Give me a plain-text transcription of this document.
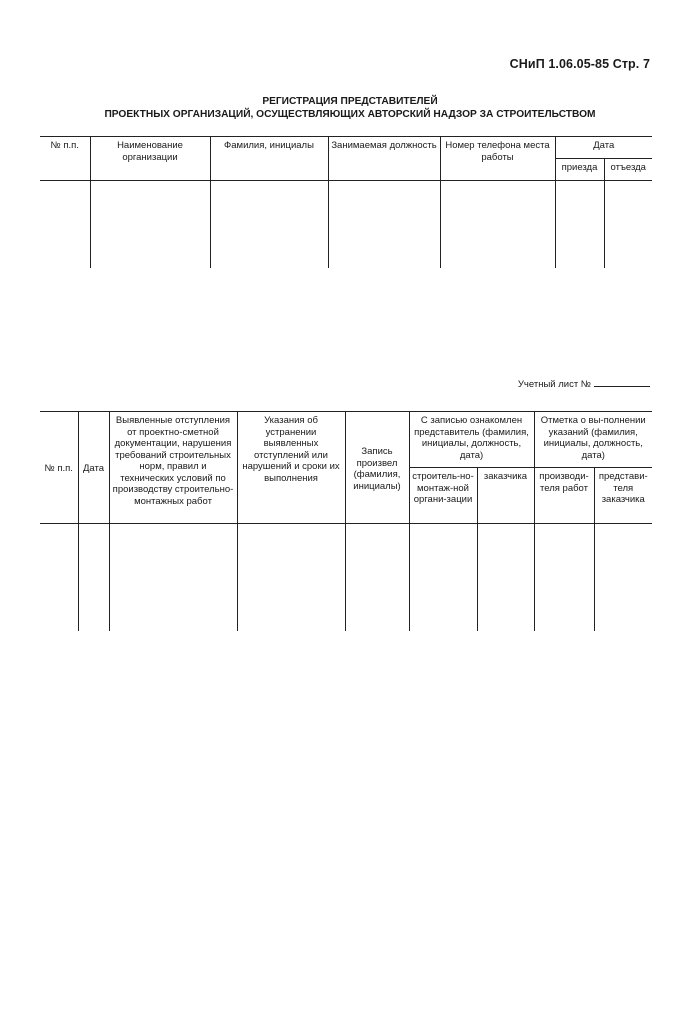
СНиП 1.06.05-85 Стр. 7
РЕГИСТРАЦИЯ ПРЕДСТАВИТЕЛЕЙ
ПРОЕКТНЫХ ОРГАНИЗАЦИЙ, ОСУЩЕСТВЛЯЮЩИХ АВТОРСКИЙ НАДЗОР ЗА СТРОИТЕЛЬСТВОМ
№ п.п.	Наименование организации	Фамилия, инициалы	Занимаемая должность	Номер телефона места работы	Дата	
					приезда	отъезда

Учетный лист №
№ п.п.	Дата	Выявленные отступления от проектно-сметной документации, нарушения требований строительных норм, правил и технических условий по производству строительно-монтажных работ	Указания об устранении выявленных отступлений или нарушений и сроки их выполнения	Запись произвел (фамилия, инициалы)	С записью ознакомлен представитель (фамилия, инициалы, должность, дата)		Отметка о вы-полнении указаний (фамилия, инициалы, должность, дата)	
					строитель-но-монтаж-ной органи-зации	заказчика	производи-теля работ	представи-теля заказчика
